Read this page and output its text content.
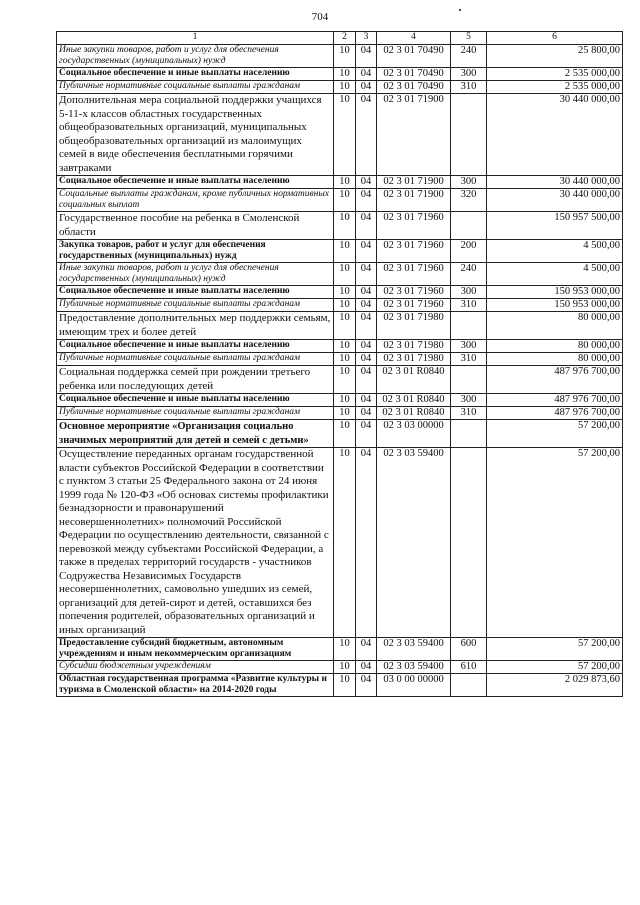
704
1	2	3	4	5	6
Иные закупки товаров, работ и услуг для обеспечения государственных (муниципальных) нужд	10	04	02 3 01 70490	240	25 800,00
Социальное обеспечение и иные выплаты населению	10	04	02 3 01 70490	300	2 535 000,00
Публичные нормативные социальные выплаты гражданам	10	04	02 3 01 70490	310	2 535 000,00
Дополнительная мера социальной поддержки учащихся 5-11-х классов областных государственных общеобразовательных организаций, муниципальных общеобразовательных организаций из малоимущих семей в виде обеспечения бесплатными горячими завтраками	10	04	02 3 01 71900		30 440 000,00
Социальное обеспечение и иные выплаты населению	10	04	02 3 01 71900	300	30 440 000,00
Социальные выплаты гражданам, кроме публичных нормативных социальных выплат	10	04	02 3 01 71900	320	30 440 000,00
Государственное пособие на ребенка в Смоленской области	10	04	02 3 01 71960		150 957 500,00
Закупка товаров, работ и услуг для обеспечения государственных (муниципальных) нужд	10	04	02 3 01 71960	200	4 500,00
Иные закупки товаров, работ и услуг для обеспечения государственных (муниципальных) нужд	10	04	02 3 01 71960	240	4 500,00
Социальное обеспечение и иные выплаты населению	10	04	02 3 01 71960	300	150 953 000,00
Публичные нормативные социальные выплаты гражданам	10	04	02 3 01 71960	310	150 953 000,00
Предоставление дополнительных мер поддержки семьям, имеющим трех и более детей	10	04	02 3 01 71980		80 000,00
Социальное обеспечение и иные выплаты населению	10	04	02 3 01 71980	300	80 000,00
Публичные нормативные социальные выплаты гражданам	10	04	02 3 01 71980	310	80 000,00
Социальная поддержка семей при рождении третьего ребенка или последующих детей	10	04	02 3 01 R0840		487 976 700,00
Социальное обеспечение и иные выплаты населению	10	04	02 3 01 R0840	300	487 976 700,00
Публичные нормативные социальные выплаты гражданам	10	04	02 3 01 R0840	310	487 976 700,00
Основное мероприятие «Организация социально значимых мероприятий для детей и семей с детьми»	10	04	02 3 03 00000		57 200,00
Осуществление переданных органам государственной власти субъектов Российской Федерации в соответствии с пунктом 3 статьи 25 Федерального закона от 24 июня 1999 года № 120-ФЗ «Об основах системы профилактики безнадзорности и правонарушений несовершеннолетних» полномочий Российской Федерации по осуществлению деятельности, связанной с перевозкой между субъектами Российской Федерации, а также в пределах территорий государств - участников Содружества Независимых Государств несовершеннолетних, самовольно ушедших из семей, организаций для детей-сирот и детей, оставшихся без попечения родителей, образовательных организаций и иных организаций	10	04	02 3 03 59400		57 200,00
Предоставление субсидий бюджетным, автономным учреждениям и иным некоммерческим организациям	10	04	02 3 03 59400	600	57 200,00
Субсидии бюджетным учреждениям	10	04	02 3 03 59400	610	57 200,00
Областная государственная программа «Развитие культуры и туризма в Смоленской области» на 2014-2020 годы	10	04	03 0 00 00000		2 029 873,60
